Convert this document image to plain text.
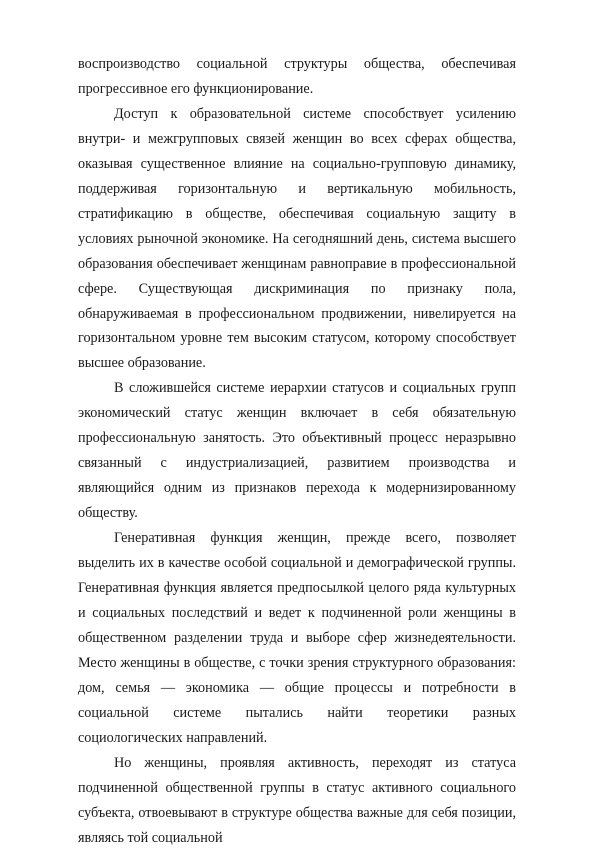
воспроизводство социальной структуры общества, обеспечивая прогрессивное его функционирование.

Доступ к образовательной системе способствует усилению внутри- и межгрупповых связей женщин во всех сферах общества, оказывая существенное влияние на социально-групповую динамику, поддерживая горизонтальную и вертикальную мобильность, стратификацию в обществе, обеспечивая социальную защиту в условиях рыночной экономике. На сегодняшний день, система высшего образования обеспечивает женщинам равноправие в профессиональной сфере. Существующая дискриминация по признаку пола, обнаруживаемая в профессиональном продвижении, нивелируется на горизонтальном уровне тем высоким статусом, которому способствует высшее образование.

В сложившейся системе иерархии статусов и социальных групп экономический статус женщин включает в себя обязательную профессиональную занятость. Это объективный процесс неразрывно связанный с индустриализацией, развитием производства и являющийся одним из признаков перехода к модернизированному обществу.

Генеративная функция женщин, прежде всего, позволяет выделить их в качестве особой социальной и демографической группы. Генеративная функция является предпосылкой целого ряда культурных и социальных последствий и ведет к подчиненной роли женщины в общественном разделении труда и выборе сфер жизнедеятельности. Место женщины в обществе, с точки зрения структурного образования: дом, семья — экономика — общие процессы и потребности в социальной системе пытались найти теоретики разных социологических направлений.

Но женщины, проявляя активность, переходят из статуса подчиненной общественной группы в статус активного социального субъекта, отвоевывают в структуре общества важные для себя позиции, являясь той социальной
